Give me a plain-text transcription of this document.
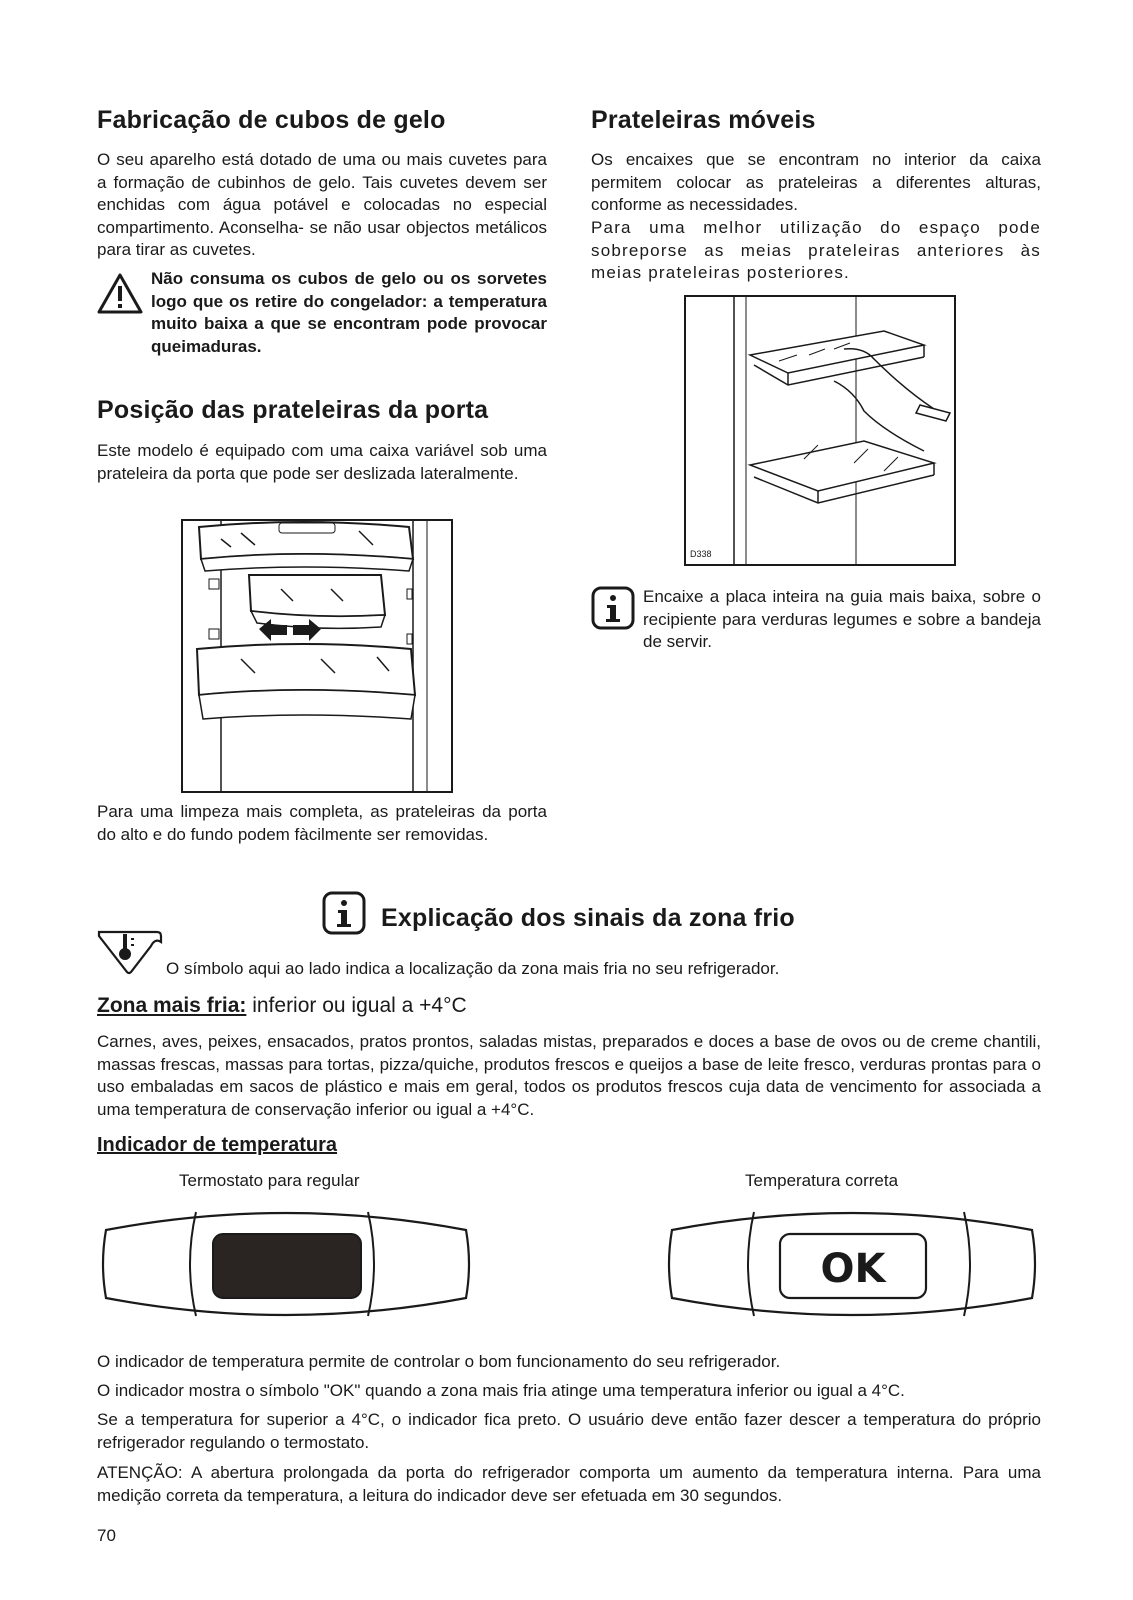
Fabricação de cubos de gelo

O seu aparelho está dotado de uma ou mais cuvetes para a formação de cubinhos de gelo. Tais cuvetes devem ser enchidas com água potável e colocadas no especial compartimento. Aconselha- se não usar objectos metálicos para tirar as cuvetes.

Não consuma os cubos de gelo ou os sorvetes logo que os retire do congelador: a temperatura muito baixa a que se encontram pode provocar queimaduras.
Posição das prateleiras da porta

Este modelo é equipado com uma caixa variável sob uma prateleira da porta que pode ser deslizada lateralmente.

Para uma limpeza mais completa, as prateleiras da porta do alto e do fundo podem fàcilmente ser removidas.

Prateleiras móveis

Os encaixes que se encontram no interior da caixa permitem colocar as prateleiras a diferentes alturas, conforme as necessidades.

Para uma melhor utilização do espaço pode sobreporse as meias prateleiras anteriores às meias prateleiras posteriores.

D338

Encaixe a placa inteira na guia mais baixa, sobre o recipiente para verduras legumes e sobre a bandeja de servir.

Explicação dos sinais da zona frio
O símbolo aqui ao lado indica a localização da zona mais fria no seu refrigerador.
Zona mais fria: inferior ou igual a +4°C
Carnes, aves, peixes, ensacados, pratos prontos, saladas mistas, preparados e doces a base de ovos ou de creme chantili, massas frescas, massas para tortas, pizza/quiche, produtos frescos e queijos a base de leite fresco, verduras prontas para o uso embaladas em sacos de plástico e mais em geral, todos os produtos frescos cuja data de vencimento for associada a uma temperatura de conservação inferior ou igual a +4°C.
Indicador de temperatura
Termostato para regular	Temperatura correta
OK
O indicador de temperatura permite de controlar o bom funcionamento do seu refrigerador.
O indicador mostra o símbolo "OK" quando a zona mais fria atinge uma temperatura inferior ou igual a 4°C.
Se a temperatura for superior a 4°C, o indicador fica preto. O usuário deve então fazer descer a temperatura do próprio refrigerador regulando o termostato.
ATENÇÃO: A abertura prolongada da porta do refrigerador comporta um aumento da temperatura interna. Para uma medição correta da temperatura, a leitura do indicador deve ser efetuada em 30 segundos.
70
